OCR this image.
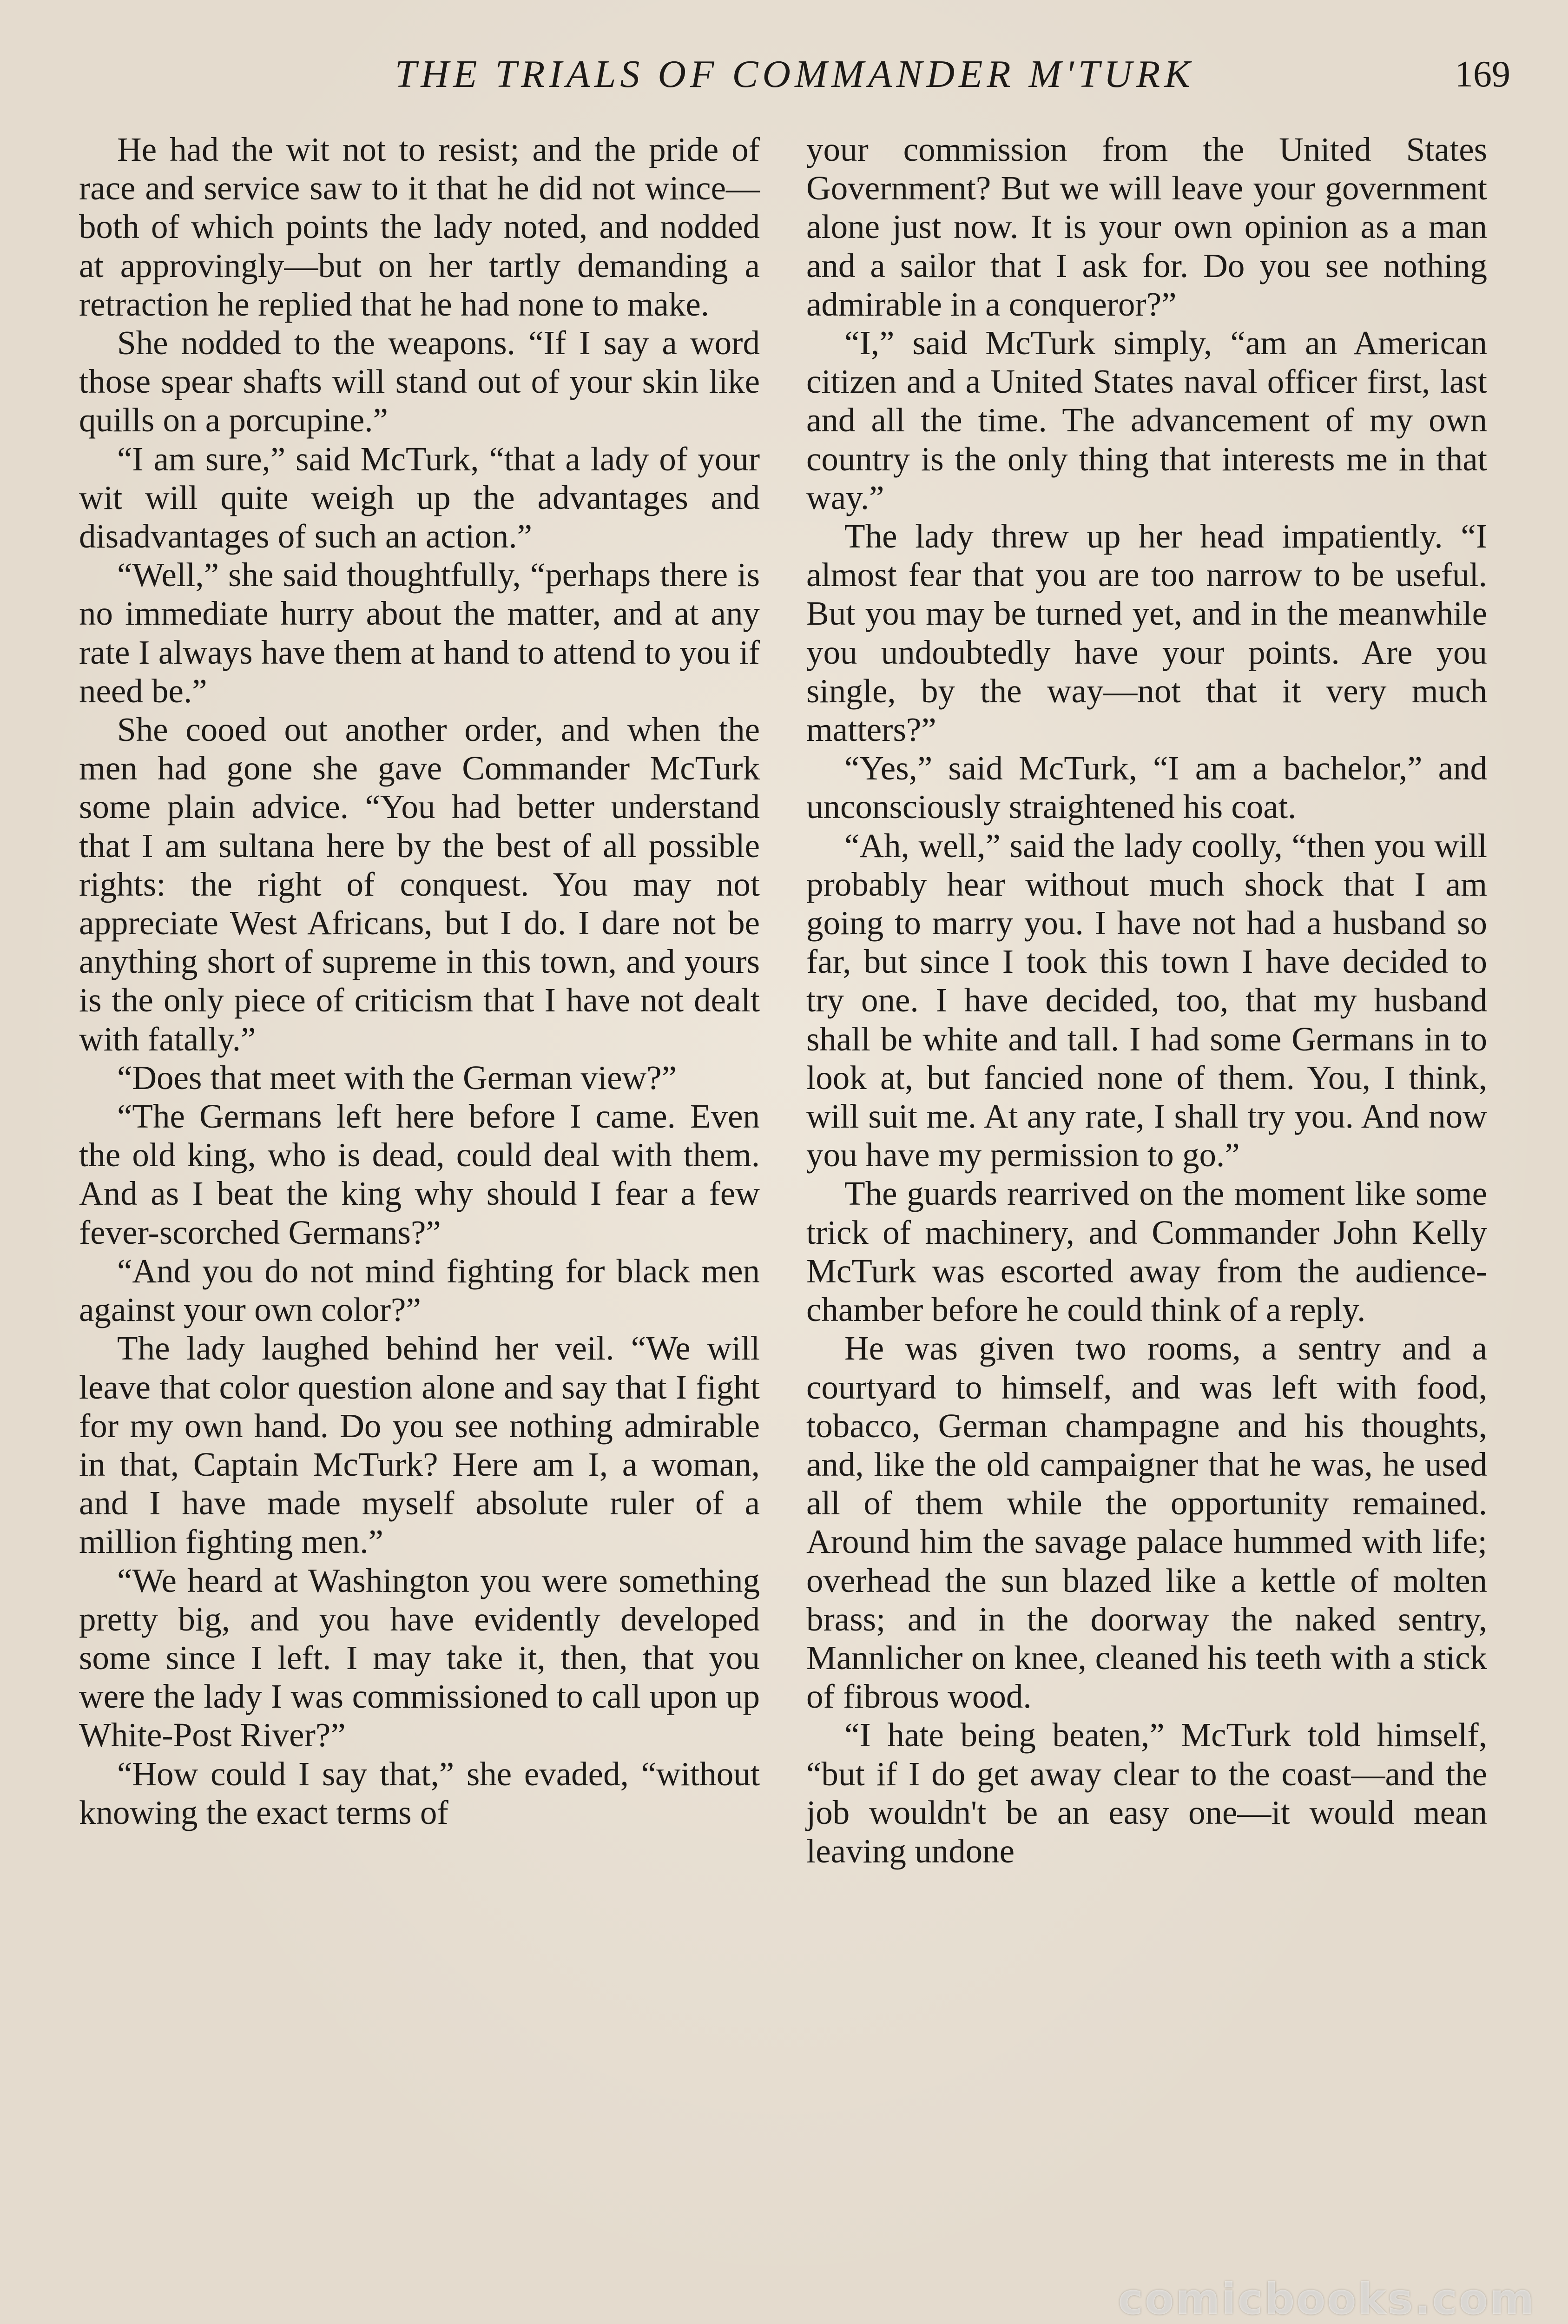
THE TRIALS OF COMMANDER M'TURK	169

He had the wit not to resist; and the pride of race and service saw to it that he did not wince—both of which points the lady noted, and nodded at approvingly—but on her tartly demanding a retraction he replied that he had none to make.

She nodded to the weapons. “If I say a word those spear shafts will stand out of your skin like quills on a porcupine.”

“I am sure,” said McTurk, “that a lady of your wit will quite weigh up the advantages and disadvantages of such an action.”

“Well,” she said thoughtfully, “perhaps there is no immediate hurry about the matter, and at any rate I always have them at hand to attend to you if need be.”

She cooed out another order, and when the men had gone she gave Commander McTurk some plain advice. “You had better understand that I am sultana here by the best of all possible rights: the right of conquest. You may not appreciate West Africans, but I do. I dare not be anything short of supreme in this town, and yours is the only piece of criticism that I have not dealt with fatally.”

“Does that meet with the German view?”

“The Germans left here before I came. Even the old king, who is dead, could deal with them. And as I beat the king why should I fear a few fever-scorched Germans?”

“And you do not mind fighting for black men against your own color?”

The lady laughed behind her veil. “We will leave that color question alone and say that I fight for my own hand. Do you see nothing admirable in that, Captain McTurk? Here am I, a woman, and I have made myself absolute ruler of a million fighting men.”

“We heard at Washington you were something pretty big, and you have evidently developed some since I left. I may take it, then, that you were the lady I was commissioned to call upon up White-Post River?”

“How could I say that,” she evaded, “without knowing the exact terms of

your commission from the United States Government? But we will leave your government alone just now. It is your own opinion as a man and a sailor that I ask for. Do you see nothing admirable in a conqueror?”

“I,” said McTurk simply, “am an American citizen and a United States naval officer first, last and all the time. The advancement of my own country is the only thing that interests me in that way.”

The lady threw up her head impatiently. “I almost fear that you are too narrow to be useful. But you may be turned yet, and in the meanwhile you undoubtedly have your points. Are you single, by the way—not that it very much matters?”

“Yes,” said McTurk, “I am a bachelor,” and unconsciously straightened his coat.

“Ah, well,” said the lady coolly, “then you will probably hear without much shock that I am going to marry you. I have not had a husband so far, but since I took this town I have decided to try one. I have decided, too, that my husband shall be white and tall. I had some Germans in to look at, but fancied none of them. You, I think, will suit me. At any rate, I shall try you. And now you have my permission to go.”

The guards rearrived on the moment like some trick of machinery, and Commander John Kelly McTurk was escorted away from the audience-chamber before he could think of a reply.

He was given two rooms, a sentry and a courtyard to himself, and was left with food, tobacco, German champagne and his thoughts, and, like the old campaigner that he was, he used all of them while the opportunity remained. Around him the savage palace hummed with life; overhead the sun blazed like a kettle of molten brass; and in the doorway the naked sentry, Mannlicher on knee, cleaned his teeth with a stick of fibrous wood.

“I hate being beaten,” McTurk told himself, “but if I do get away clear to the coast—and the job wouldn't be an easy one—it would mean leaving undone

comicbooks.com
